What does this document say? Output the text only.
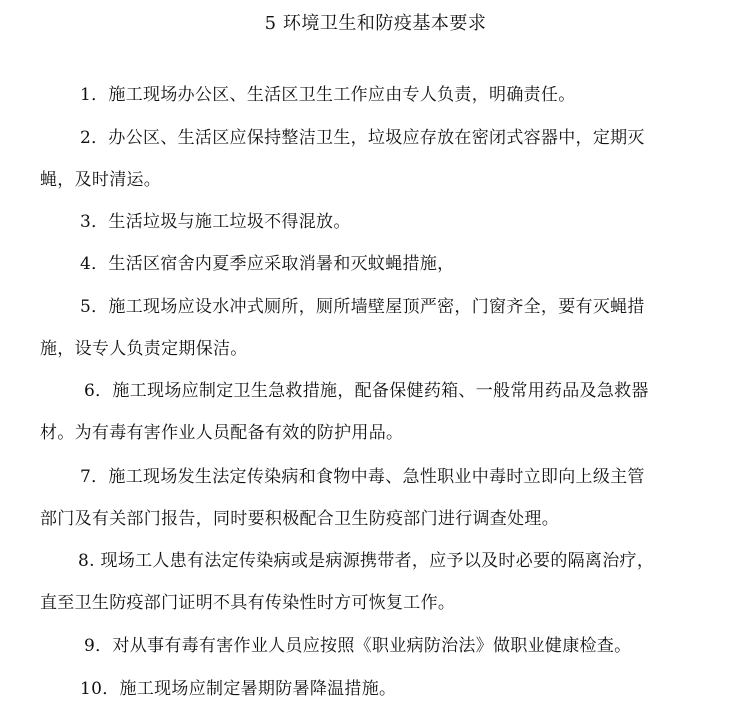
5 环境卫生和防疫基本要求
1．施工现场办公区、生活区卫生工作应由专人负责，明确责任。
2．办公区、生活区应保持整洁卫生，垃圾应存放在密闭式容器中，定期灭
蝇，及时清运。
3．生活垃圾与施工垃圾不得混放。
4．生活区宿舍内夏季应采取消暑和灭蚊蝇措施，
5．施工现场应设水冲式厕所，厕所墙壁屋顶严密，门窗齐全，要有灭蝇措
施，设专人负责定期保洁。
6．施工现场应制定卫生急救措施，配备保健药箱、一般常用药品及急救器
材。为有毒有害作业人员配备有效的防护用品。
7．施工现场发生法定传染病和食物中毒、急性职业中毒时立即向上级主管
部门及有关部门报告，同时要积极配合卫生防疫部门进行调查处理。
8. 现场工人患有法定传染病或是病源携带者，应予以及时必要的隔离治疗，
直至卫生防疫部门证明不具有传染性时方可恢复工作。
9．对从事有毒有害作业人员应按照《职业病防治法》做职业健康检查。
10．施工现场应制定暑期防暑降温措施。
